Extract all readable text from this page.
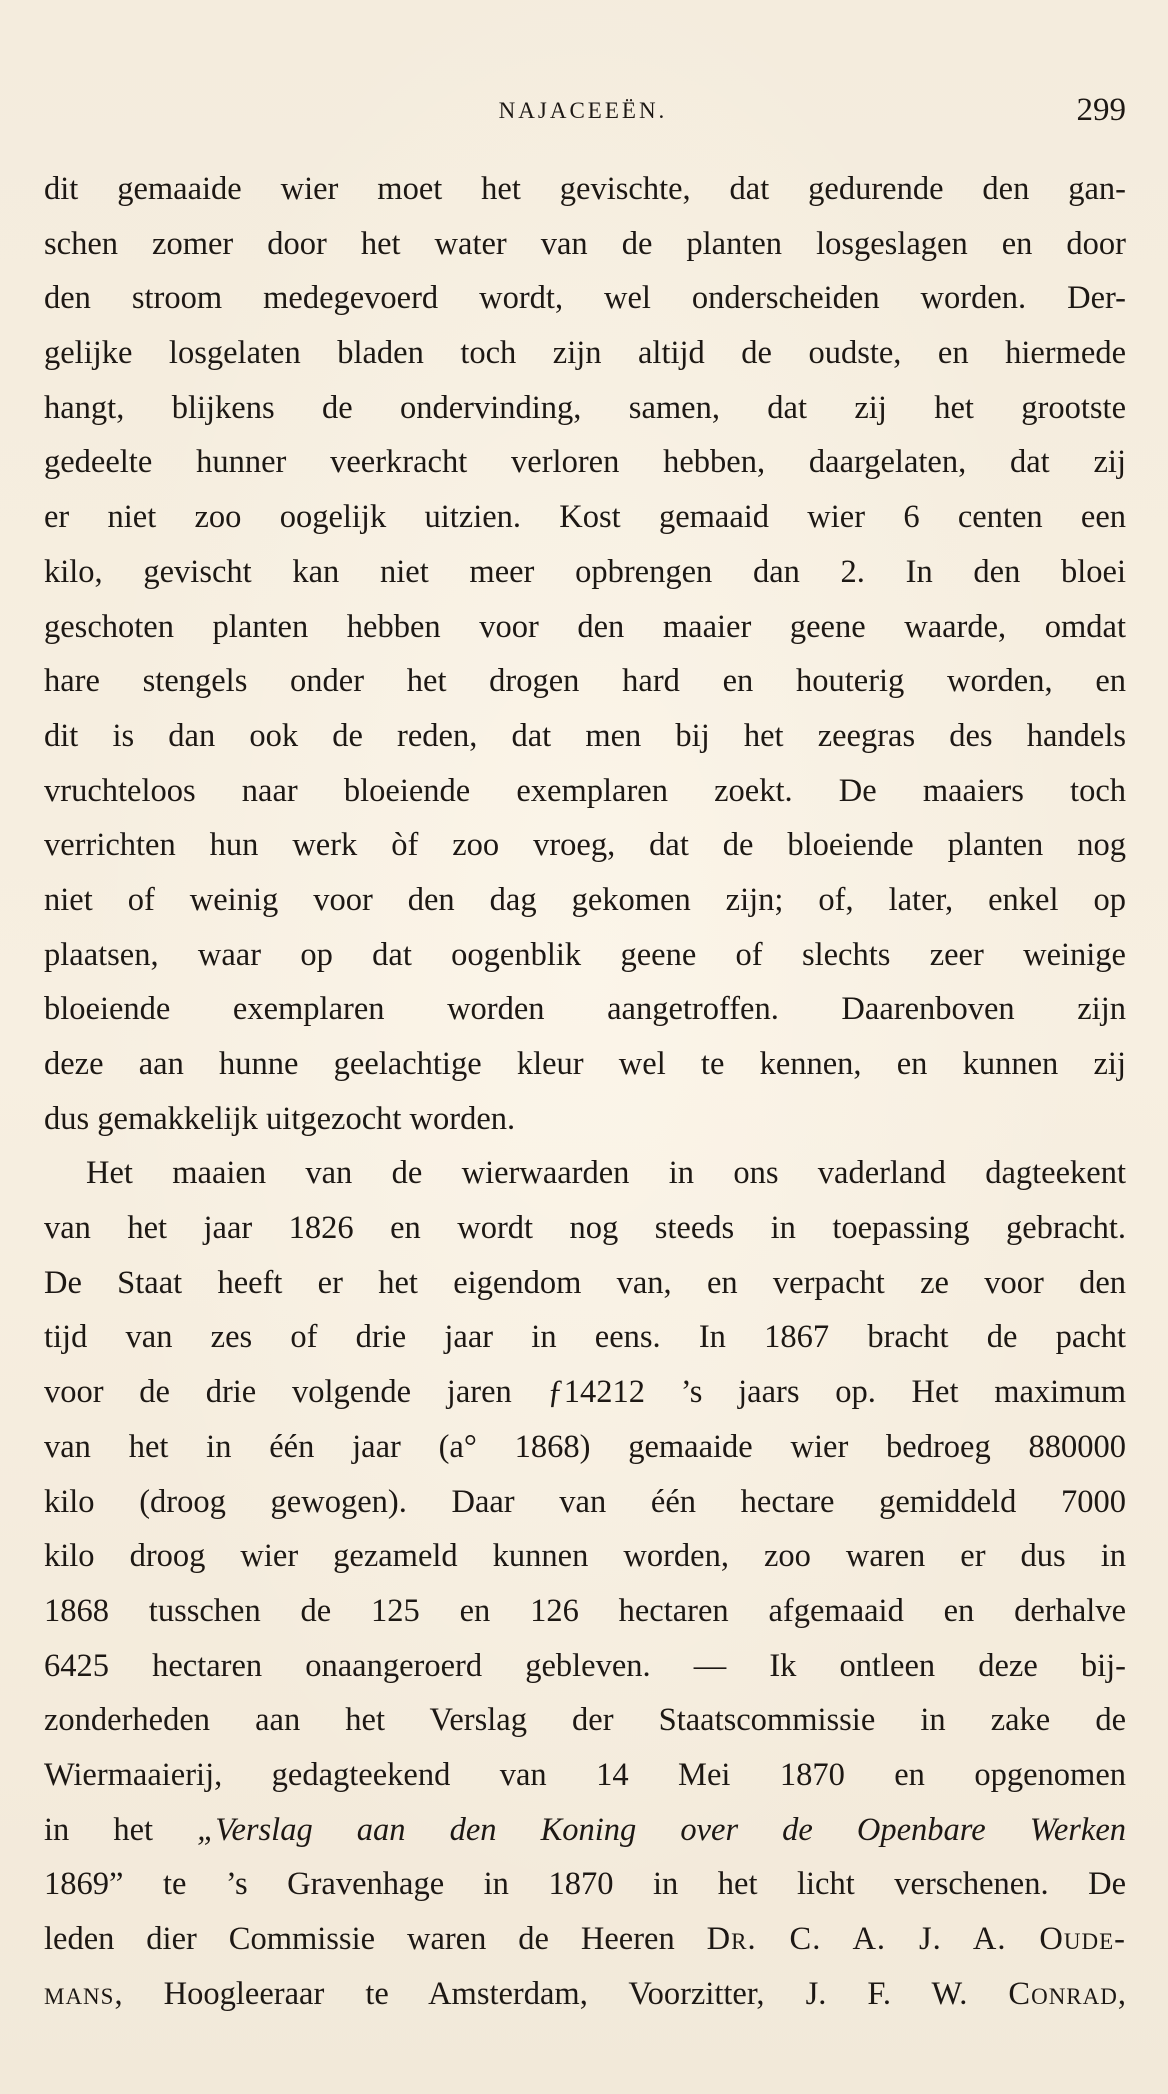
NAJACEEËN.	299
dit gemaaide wier moet het gevischte, dat gedurende den gan-
schen zomer door het water van de planten losgeslagen en door
den stroom medegevoerd wordt, wel onderscheiden worden. Der-
gelijke losgelaten bladen toch zijn altijd de oudste, en hiermede
hangt, blijkens de ondervinding, samen, dat zij het grootste
gedeelte hunner veerkracht verloren hebben, daargelaten, dat zij
er niet zoo oogelijk uitzien. Kost gemaaid wier 6 centen een
kilo, gevischt kan niet meer opbrengen dan 2. In den bloei
geschoten planten hebben voor den maaier geene waarde, omdat
hare stengels onder het drogen hard en houterig worden, en
dit is dan ook de reden, dat men bij het zeegras des handels
vruchteloos naar bloeiende exemplaren zoekt. De maaiers toch
verrichten hun werk òf zoo vroeg, dat de bloeiende planten nog
niet of weinig voor den dag gekomen zijn; of, later, enkel op
plaatsen, waar op dat oogenblik geene of slechts zeer weinige
bloeiende exemplaren worden aangetroffen. Daarenboven zijn
deze aan hunne geelachtige kleur wel te kennen, en kunnen zij
dus gemakkelijk uitgezocht worden.
Het maaien van de wierwaarden in ons vaderland dagteekent
van het jaar 1826 en wordt nog steeds in toepassing gebracht.
De Staat heeft er het eigendom van, en verpacht ze voor den
tijd van zes of drie jaar in eens. In 1867 bracht de pacht
voor de drie volgende jaren ƒ14212 ’s jaars op. Het maximum
van het in één jaar (a° 1868) gemaaide wier bedroeg 880000
kilo (droog gewogen). Daar van één hectare gemiddeld 7000
kilo droog wier gezameld kunnen worden, zoo waren er dus in
1868 tusschen de 125 en 126 hectaren afgemaaid en derhalve
6425 hectaren onaangeroerd gebleven. — Ik ontleen deze bij-
zonderheden aan het Verslag der Staatscommissie in zake de
Wiermaaierij, gedagteekend van 14 Mei 1870 en opgenomen
in het „Verslag aan den Koning over de Openbare Werken
1869” te ’s Gravenhage in 1870 in het licht verschenen. De
leden dier Commissie waren de Heeren Dr. C. A. J. A. Oude-
mans, Hoogleeraar te Amsterdam, Voorzitter, J. F. W. Conrad,
